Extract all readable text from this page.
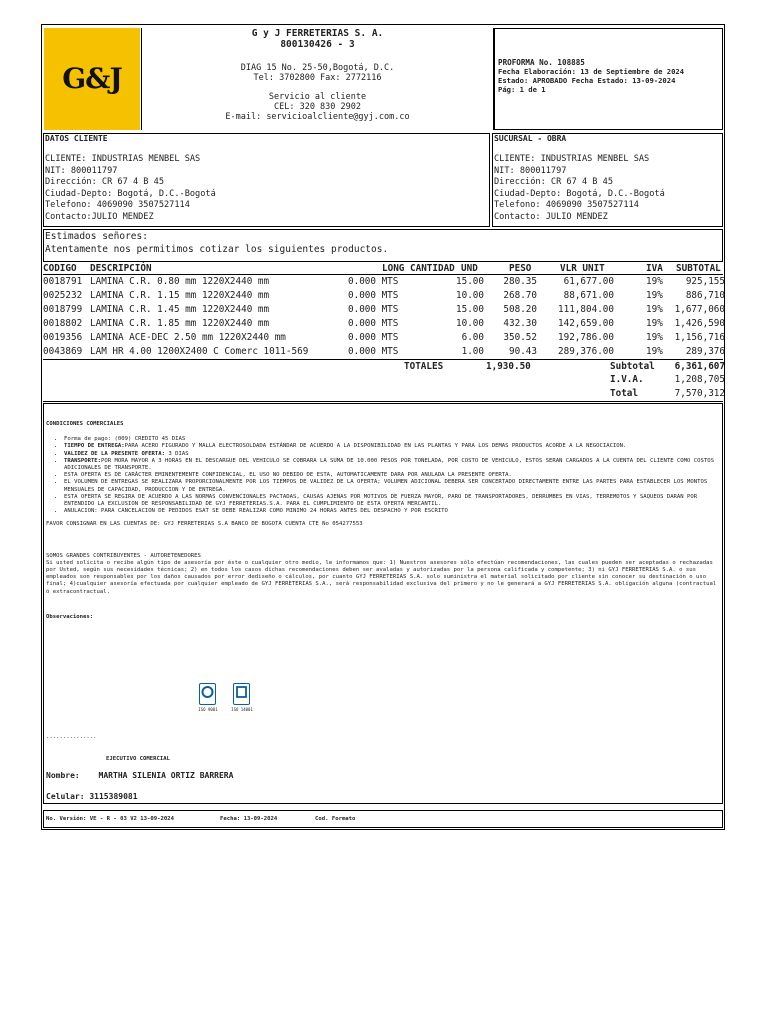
G&J
G y J FERRETERIAS S. A.
800130426 - 3
DIAG 15 No. 25-50,Bogotá, D.C.
Tel: 3702800 Fax: 2772116
Servicio al cliente
CEL: 320 830 2902
E-mail: servicioalcliente@gyj.com.co
PROFORMA No. 108885
Fecha Elaboración: 13 de Septiembre de 2024
Estado: APROBADO Fecha Estado: 13-09-2024
Pág: 1 de 1
DATOS CLIENTE
CLIENTE: INDUSTRIAS MENBEL SAS
NIT: 800011797
Dirección: CR 67 4 B 45
Ciudad-Depto: Bogotá, D.C.-Bogotá
Telefono: 4069090 3507527114
Contacto:JULIO MENDEZ
SUCURSAL - OBRA
CLIENTE: INDUSTRIAS MENBEL SAS
NIT: 800011797
Dirección: CR 67 4 B 45
Ciudad-Depto: Bogotá, D.C.-Bogotá
Telefono: 4069090 3507527114
Contacto: JULIO MENDEZ
Estimados señores:
Atentamente nos permitimos cotizar los siguientes productos.
CODIGO DESCRIPCIÓN	LONG CANTIDAD UND	PESO	VLR UNIT	IVA SUBTOTAL
0018791 LAMINA C.R. 0.80 mm 1220X2440 mm	0.000 MTS	15.00 280.35	61,677.00	19% 925,155
0025232 LAMINA C.R. 1.15 mm 1220X2440 mm	0.000 MTS	10.00 268.70	88,671.00	19% 886,710
0018799 LAMINA C.R. 1.45 mm 1220X2440 mm	0.000 MTS	15.00 508.20 111,804.00	19% 1,677,060
0018802 LAMINA C.R. 1.85 mm 1220X2440 mm	0.000 MTS	10.00 432.30 142,659.00	19% 1,426,590
0019356 LAMINA ACE-DEC 2.50 mm 1220X2440 mm	0.000 MTS	6.00 350.52 192,786.00	19% 1,156,716
0043869 LAM HR 4.00 1200X2400 C Comerc 1011-569	0.000 MTS	1.00	90.43 289,376.00	19% 289,376
TOTALES	1,930.50	Subtotal 6,361,607
I.V.A.	1,208,705
Total	7,570,312
CONDICIONES COMERCIALES
• Forma de pago: (009) CREDITO 45 DIAS
• TIEMPO DE ENTREGA:PARA ACERO FIGURADO Y MALLA ELECTROSOLDADA ESTÁNDAR DE ACUERDO A LA DISPONIBILIDAD EN LAS PLANTAS Y PARA LOS DEMAS PRODUCTOS ACORDE A LA NEGOCIACION.
• VALIDEZ DE LA PRESENTE OFERTA: 3 DIAS
• TRANSPORTE:POR MORA MAYOR A 3 HORAS EN EL DESCARGUE DEL VEHICULO SE COBRARA LA SUMA DE 10.000 PESOS POR TONELADA, POR COSTO DE VEHICULO, ESTOS SERAN CARGADOS A LA CUENTA DEL CLIENTE COMO COSTOS ADICIONALES DE TRANSPORTE.
• ESTA OFERTA ES DE CARÁCTER EMINENTEMENTE CONFIDENCIAL, EL USO NO DEBIDO DE ESTA, AUTOMATICAMENTE DARA POR ANULADA LA PRESENTE OFERTA.
• EL VOLUMEN DE ENTREGAS SE REALIZARA PROPORCIONALMENTE POR LOS TIEMPOS DE VALIDEZ DE LA OFERTA; VOLUMEN ADICIONAL DEBERA SER CONCERTADO DIRECTAMENTE ENTRE LAS PARTES PARA ESTABLECER LOS MONTOS MENSUALES DE CAPACIDAD, PRODUCCION Y DE ENTREGA.
• ESTA OFERTA SE REGIRA DE ACUERDO A LAS NORMAS CONVENCIONALES PACTADAS, CAUSAS AJENAS POR MOTIVOS DE FUERZA MAYOR, PARO DE TRANSPORTADORES, DERRUMBES EN VIAS, TERREMOTOS Y SAQUEOS DARAN POR ENTENDIDO LA EXCLUSION DE RESPONSABILIDAD DE GYJ FERRETERIAS.S.A. PARA EL CUMPLIMIENTO DE ESTA OFERTA MERCANTIL.
• ANULACION: PARA CANCELACION DE PEDIDOS ESAT SE DEBE REALIZAR COMO MINIMO 24 HORAS ANTES DEL DESPACHO Y POR ESCRITO
FAVOR CONSIGNAR EN LAS CUENTAS DE: GYJ FERRETERIAS S.A BANCO DE BOGOTA CUENTA CTE No 054277553
SOMOS GRANDES CONTRIBUYENTES - AUTORETENEDORES
Si usted solicita o recibe algún tipo de asesoría por éste o cualquier otro medio, le informamos que: 1) Nuestros asesores sólo efectúan recomendaciones, las cuales pueden ser aceptadas o rechazadas por Usted, según sus necesidades técnicas; 2) en todos los casos dichas recomendaciones deben ser avaladas y autorizadas por la persona calificada y competente; 3) ni GYJ FERRETERIAS S.A. o sus empleados son responsables por los daños causados por error dediseño o cálculos, por cuanto GYJ FERRETERIAS S.A. solo suministra el material solicitado por cliente sin conocer su destinación o uso final; 4)cualquier asesoría efectuada por cualquier empleado de GYJ FERRETERIAS S.A., será responsabilidad exclusiva del primero y no le generará a GYJ FERRETERIAS S.A. obligación alguna (contractual ó extracontractual.
Observaciones:
ISO 9001	ISO 14001
...............
EJECUTIVO COMERCIAL
Nombre: MARTHA SILENIA ORTIZ BARRERA
Celular: 3115389081
No. Versión: VE - R - 03 V2 13-09-2024	Fecha: 13-09-2024	Cod. Formato
